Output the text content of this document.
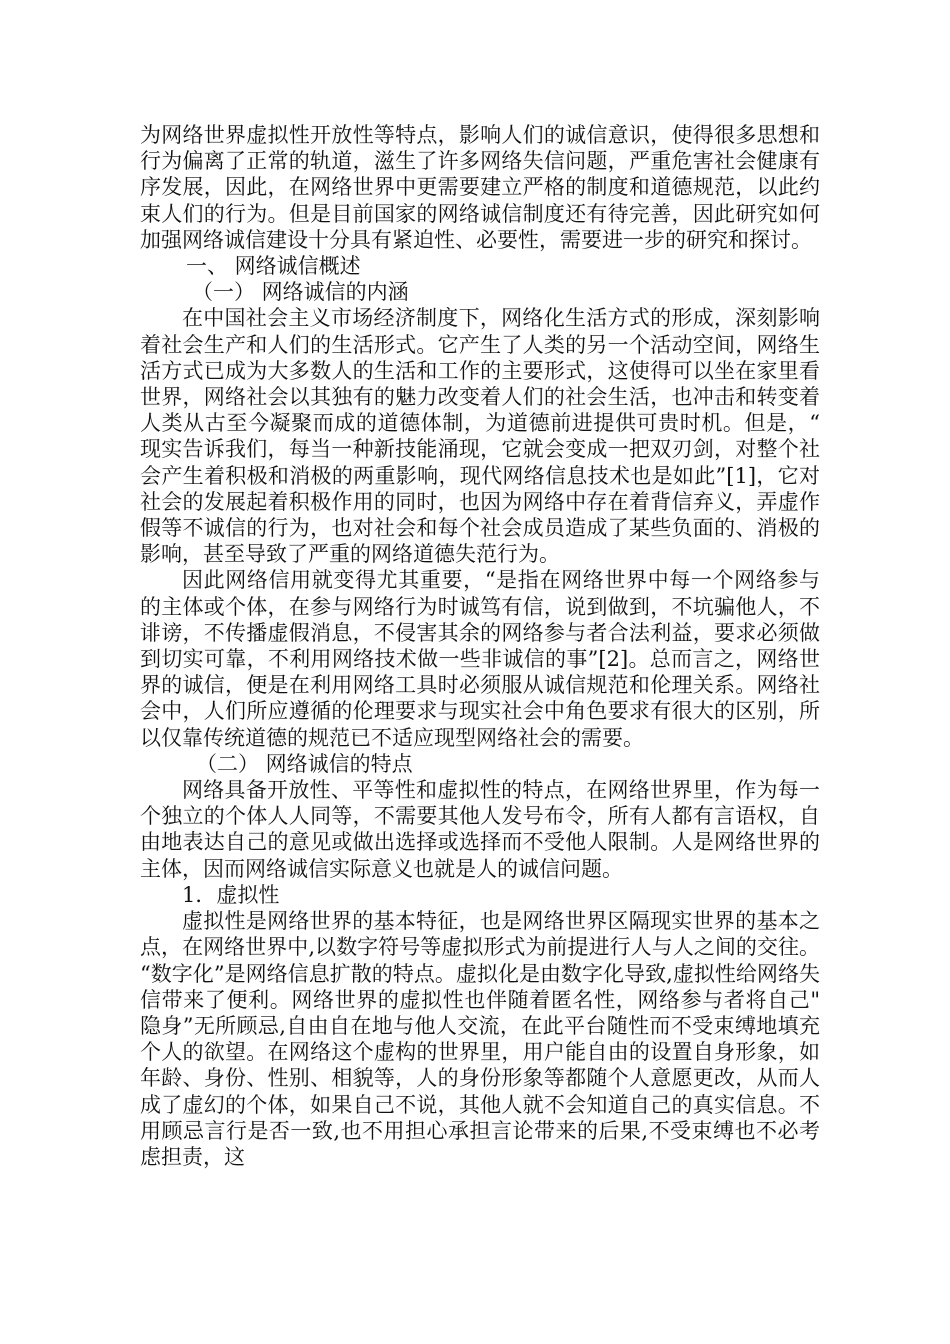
为网络世界虚拟性开放性等特点，影响人们的诚信意识，使得很多思想和行为偏离了正常的轨道，滋生了许多网络失信问题，严重危害社会健康有序发展，因此，在网络世界中更需要建立严格的制度和道德规范，以此约束人们的行为。但是目前国家的网络诚信制度还有待完善，因此研究如何加强网络诚信建设十分具有紧迫性、必要性，需要进一步的研究和探讨。

一、 网络诚信概述

（一） 网络诚信的内涵

在中国社会主义市场经济制度下，网络化生活方式的形成，深刻影响着社会生产和人们的生活形式。它产生了人类的另一个活动空间，网络生活方式已成为大多数人的生活和工作的主要形式，这使得可以坐在家里看世界，网络社会以其独有的魅力改变着人们的社会生活，也冲击和转变着人类从古至今凝聚而成的道德体制，为道德前进提供可贵时机。但是，“现实告诉我们，每当一种新技能涌现，它就会变成一把双刃剑，对整个社会产生着积极和消极的两重影响，现代网络信息技术也是如此”[1]，它对社会的发展起着积极作用的同时，也因为网络中存在着背信弃义，弄虚作假等不诚信的行为，也对社会和每个社会成员造成了某些负面的、消极的影响，甚至导致了严重的网络道德失范行为。

因此网络信用就变得尤其重要，“是指在网络世界中每一个网络参与的主体或个体，在参与网络行为时诚笃有信，说到做到，不坑骗他人，不诽谤，不传播虚假消息，不侵害其余的网络参与者合法利益，要求必须做到切实可靠，不利用网络技术做一些非诚信的事”[2]。总而言之，网络世界的诚信，便是在利用网络工具时必须服从诚信规范和伦理关系。网络社会中，人们所应遵循的伦理要求与现实社会中角色要求有很大的区别，所以仅靠传统道德的规范已不适应现型网络社会的需要。

（二） 网络诚信的特点

网络具备开放性、平等性和虚拟性的特点，在网络世界里，作为每一个独立的个体人人同等，不需要其他人发号布令，所有人都有言语权，自由地表达自己的意见或做出选择或选择而不受他人限制。人是网络世界的主体，因而网络诚信实际意义也就是人的诚信问题。

1．虚拟性

虚拟性是网络世界的基本特征，也是网络世界区隔现实世界的基本之点，在网络世界中,以数字符号等虚拟形式为前提进行人与人之间的交往。“数字化”是网络信息扩散的特点。虚拟化是由数字化导致,虚拟性给网络失信带来了便利。网络世界的虚拟性也伴随着匿名性，网络参与者将自己"隐身”无所顾忌,自由自在地与他人交流，在此平台随性而不受束缚地填充个人的欲望。在网络这个虚构的世界里，用户能自由的设置自身形象，如年龄、身份、性别、相貌等，人的身份形象等都随个人意愿更改，从而人成了虚幻的个体，如果自己不说，其他人就不会知道自己的真实信息。不用顾忌言行是否一致,也不用担心承担言论带来的后果,不受束缚也不必考虑担责，这
